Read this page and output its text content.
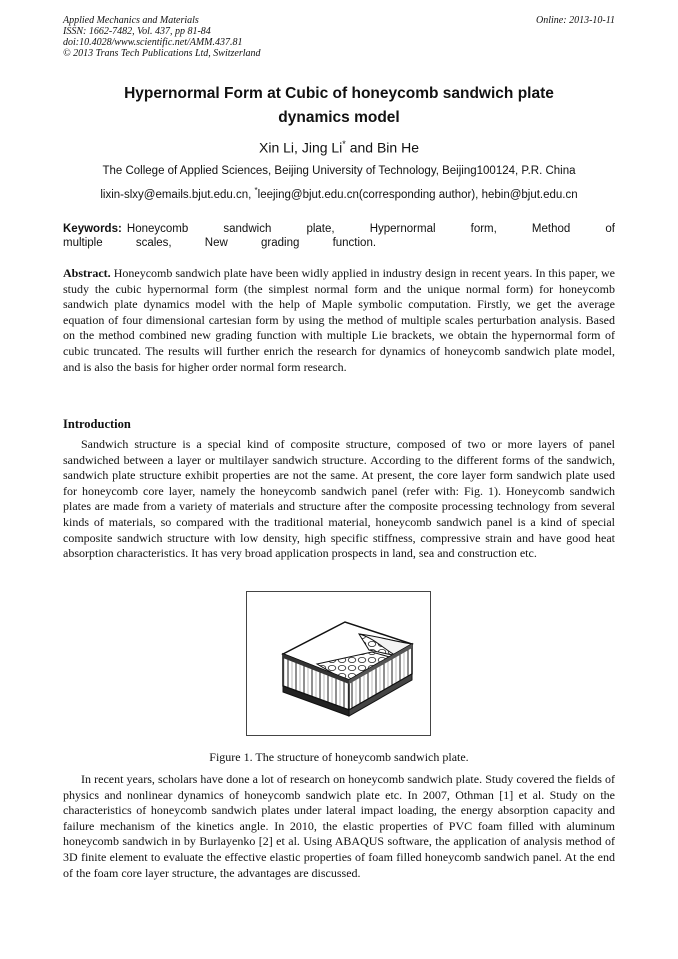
Applied Mechanics and Materials
ISSN: 1662-7482, Vol. 437, pp 81-84
doi:10.4028/www.scientific.net/AMM.437.81
© 2013 Trans Tech Publications Ltd, Switzerland
Online: 2013-10-11
Hypernormal Form at Cubic of honeycomb sandwich plate
dynamics model
Xin Li, Jing Li* and Bin He
The College of Applied Sciences, Beijing University of Technology, Beijing100124, P.R. China
lixin-slxy@emails.bjut.edu.cn, *leejing@bjut.edu.cn(corresponding author), hebin@bjut.edu.cn
Keywords: Honeycomb sandwich plate, Hypernormal form, Method of multiple scales, New grading function.
Abstract. Honeycomb sandwich plate have been widly applied in industry design in recent years. In this paper, we study the cubic hypernormal form (the simplest normal form and the unique normal form) for honeycomb sandwich plate dynamics model with the help of Maple symbolic computation. Firstly, we get the average equation of four dimensional cartesian form by using the method of multiple scales perturbation analysis. Based on the method combined new grading function with multiple Lie brackets, we obtain the hypernormal form of cubic truncated. The results will further enrich the research for dynamics of honeycomb sandwich plate model, and is also the basis for higher order normal form research.
Introduction
Sandwich structure is a special kind of composite structure, composed of two or more layers of panel sandwiched between a layer or multilayer sandwich structure. According to the different forms of the sandwich, sandwich plate structure exhibit properties are not the same. At present, the core layer form sandwich plate used for honeycomb core layer, namely the honeycomb sandwich panel (refer with: Fig. 1). Honeycomb sandwich plates are made from a variety of materials and structure after the composite processing technology from several kinds of materials, so compared with the traditional material, honeycomb sandwich panel is a kind of special composite sandwich structure with low density, high specific stiffness, compressive strain and have good heat absorption characteristics. It has very broad application prospects in land, sea and construction etc.
Figure 1. The structure of honeycomb sandwich plate.
In recent years, scholars have done a lot of research on honeycomb sandwich plate. Study covered the fields of physics and nonlinear dynamics of honeycomb sandwich plate etc. In 2007, Othman [1] et al. Study on the characteristics of honeycomb sandwich plates under lateral impact loading, the energy absorption capacity and failure mechanism of the kinetics angle. In 2010, the elastic properties of PVC foam filled with aluminum honeycomb sandwich in by Burlayenko [2] et al. Using ABAQUS software, the application of analysis method of 3D finite element to evaluate the effective elastic properties of foam filled honeycomb sandwich panel. At the end of the foam core layer structure, the advantages are discussed.
